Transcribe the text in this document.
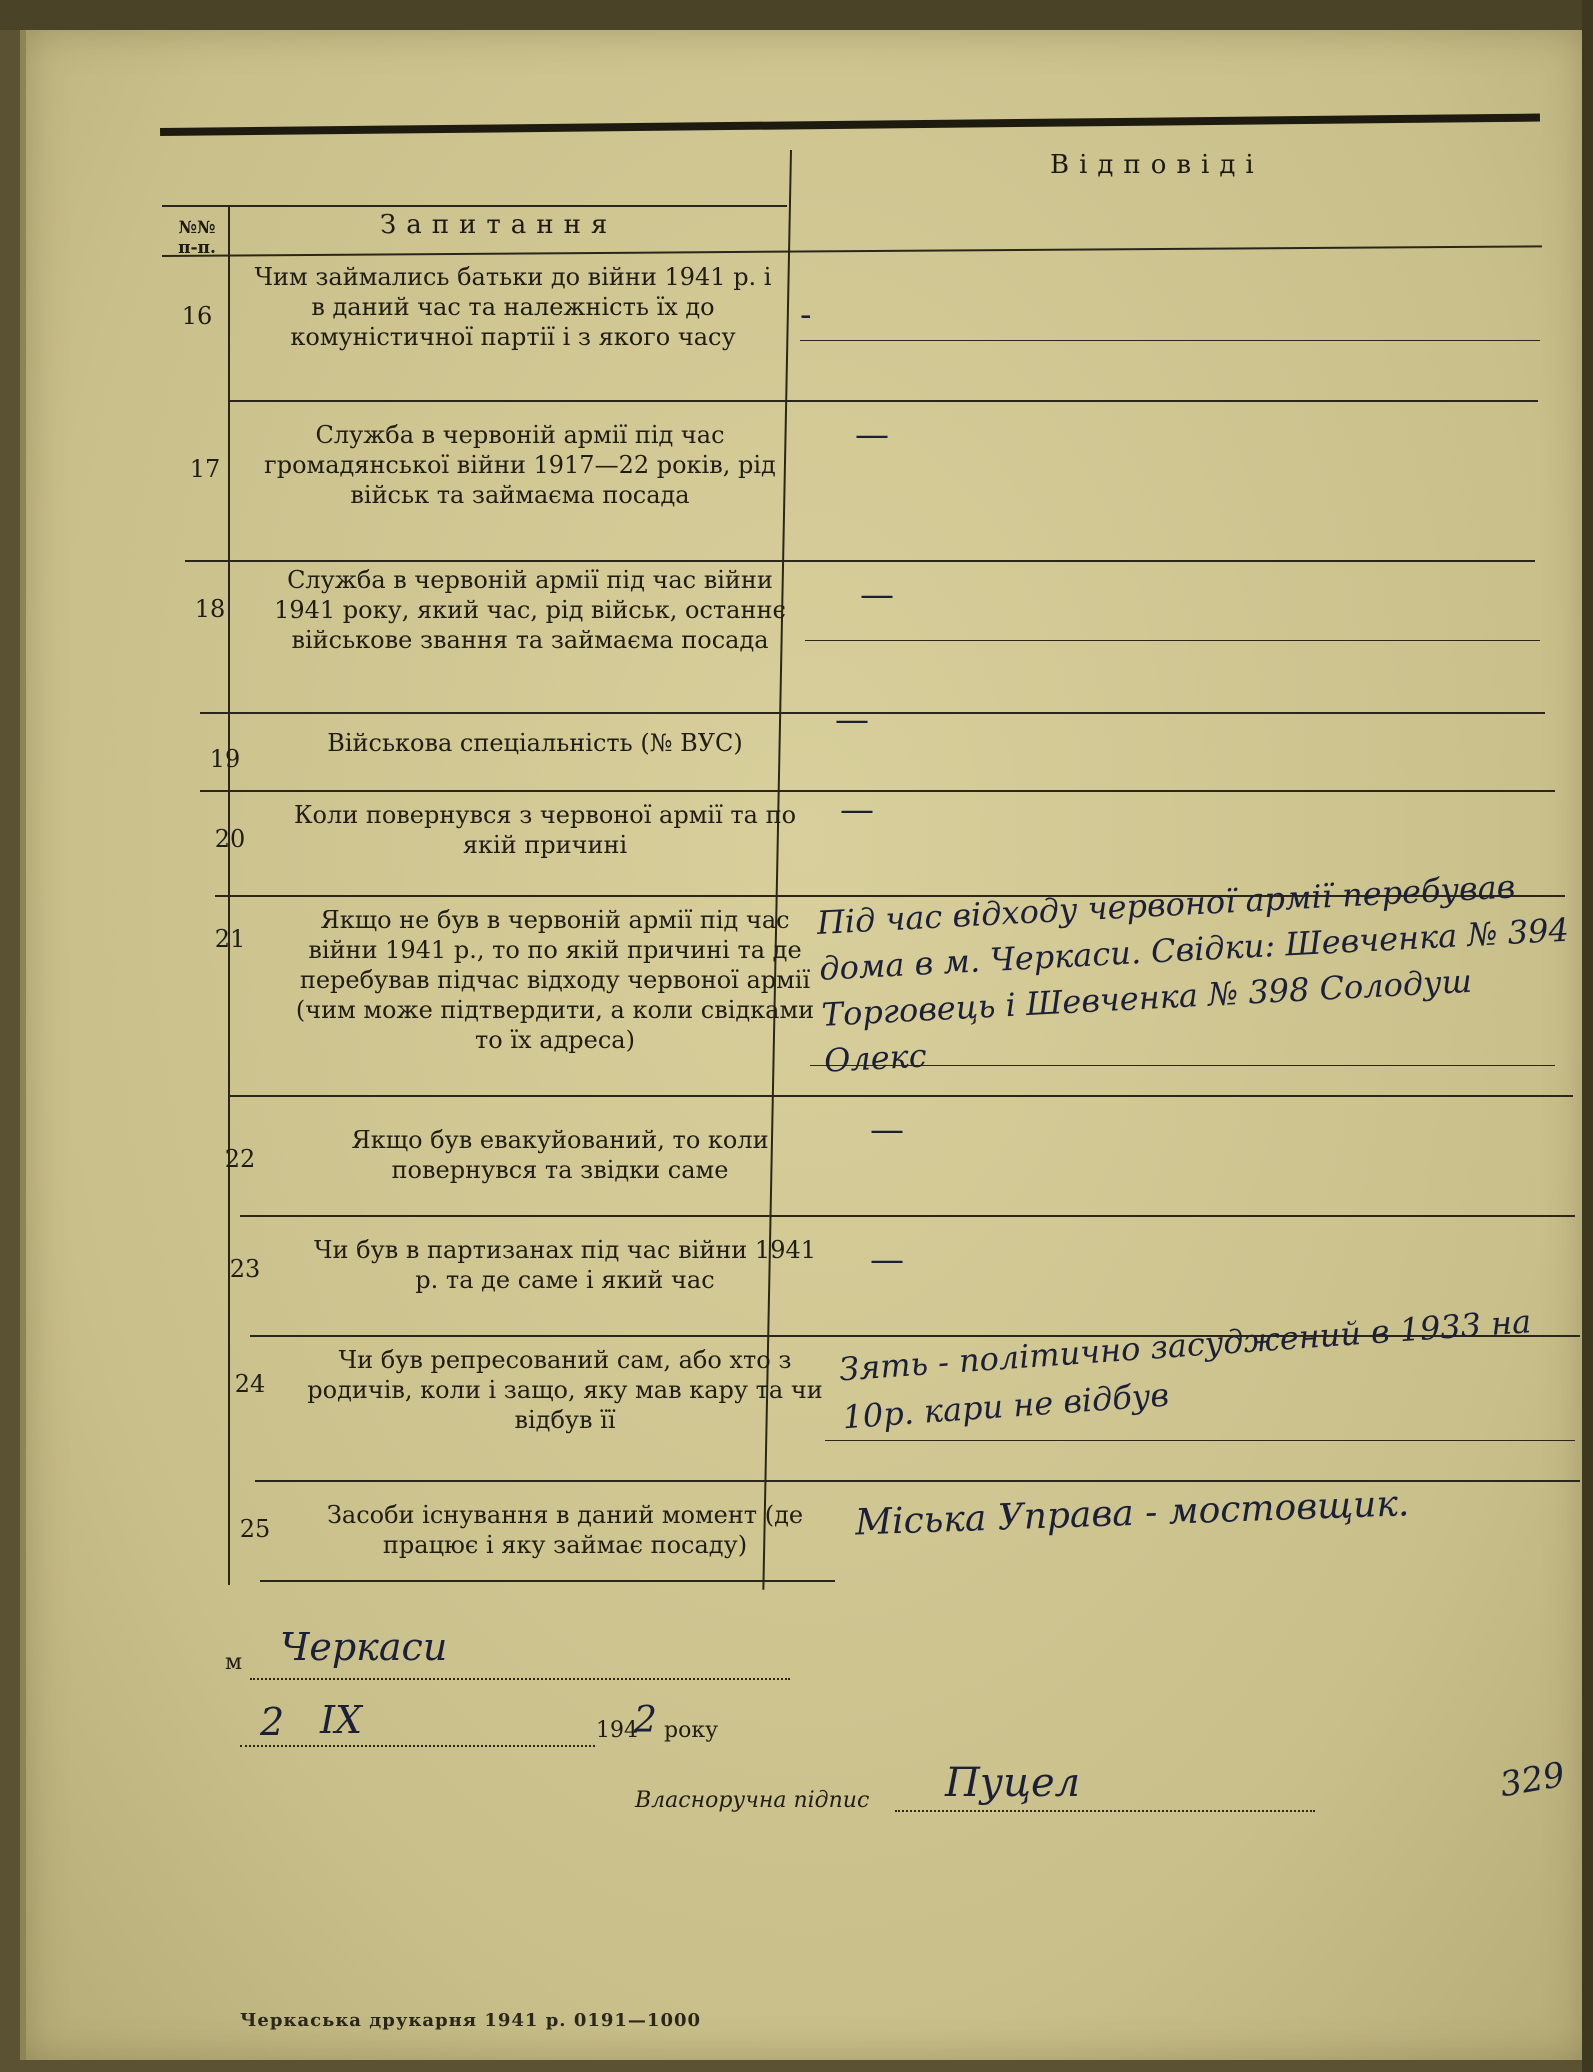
№№ п-п.
Запитання
Відповіді
16
Чим займались батьки до війни 1941 р. і в даний час та належність їх до комуністичної партії і з якого часу
-
17
Служба в червоній армії під час громадянської війни 1917—22 років, рід військ та займаєма посада
—
18
Служба в червоній армії під час війни 1941 року, який час, рід військ, останнє військове звання та займаєма посада
—
19
Військова спеціальність (№ ВУС)
—
20
Коли повернувся з червоної армії та по якій причині
—
21
Якщо не був в червоній армії під час війни 1941 р., то по якій причині та де перебував підчас відходу червоної армії (чим може підтвердити, а коли свідками то їх адреса)
Під час відходу червоної армії перебував дома в м. Черкаси. Свідки: Шевченка № 394 Торговець і Шевченка № 398 Солодуш Олекс
22
Якщо був евакуйований, то коли повернувся та звідки саме
—
23
Чи був в партизанах під час війни 1941 р. та де саме і який час	—
24
Чи був репресований сам, або хто з родичів, коли і защо, яку мав кару та чи відбув її
Зять - політично засуджений в 1933 на 10р. кари не відбув
25	Засоби існування в даний момент (де працює і яку займає посаду)
Міська Управа - мостовщик.
м Черкаси
2 IX	194
2 року
Власноручна підпис Пуцел	329
Черкаська друкарня 1941 р. 0191—1000
